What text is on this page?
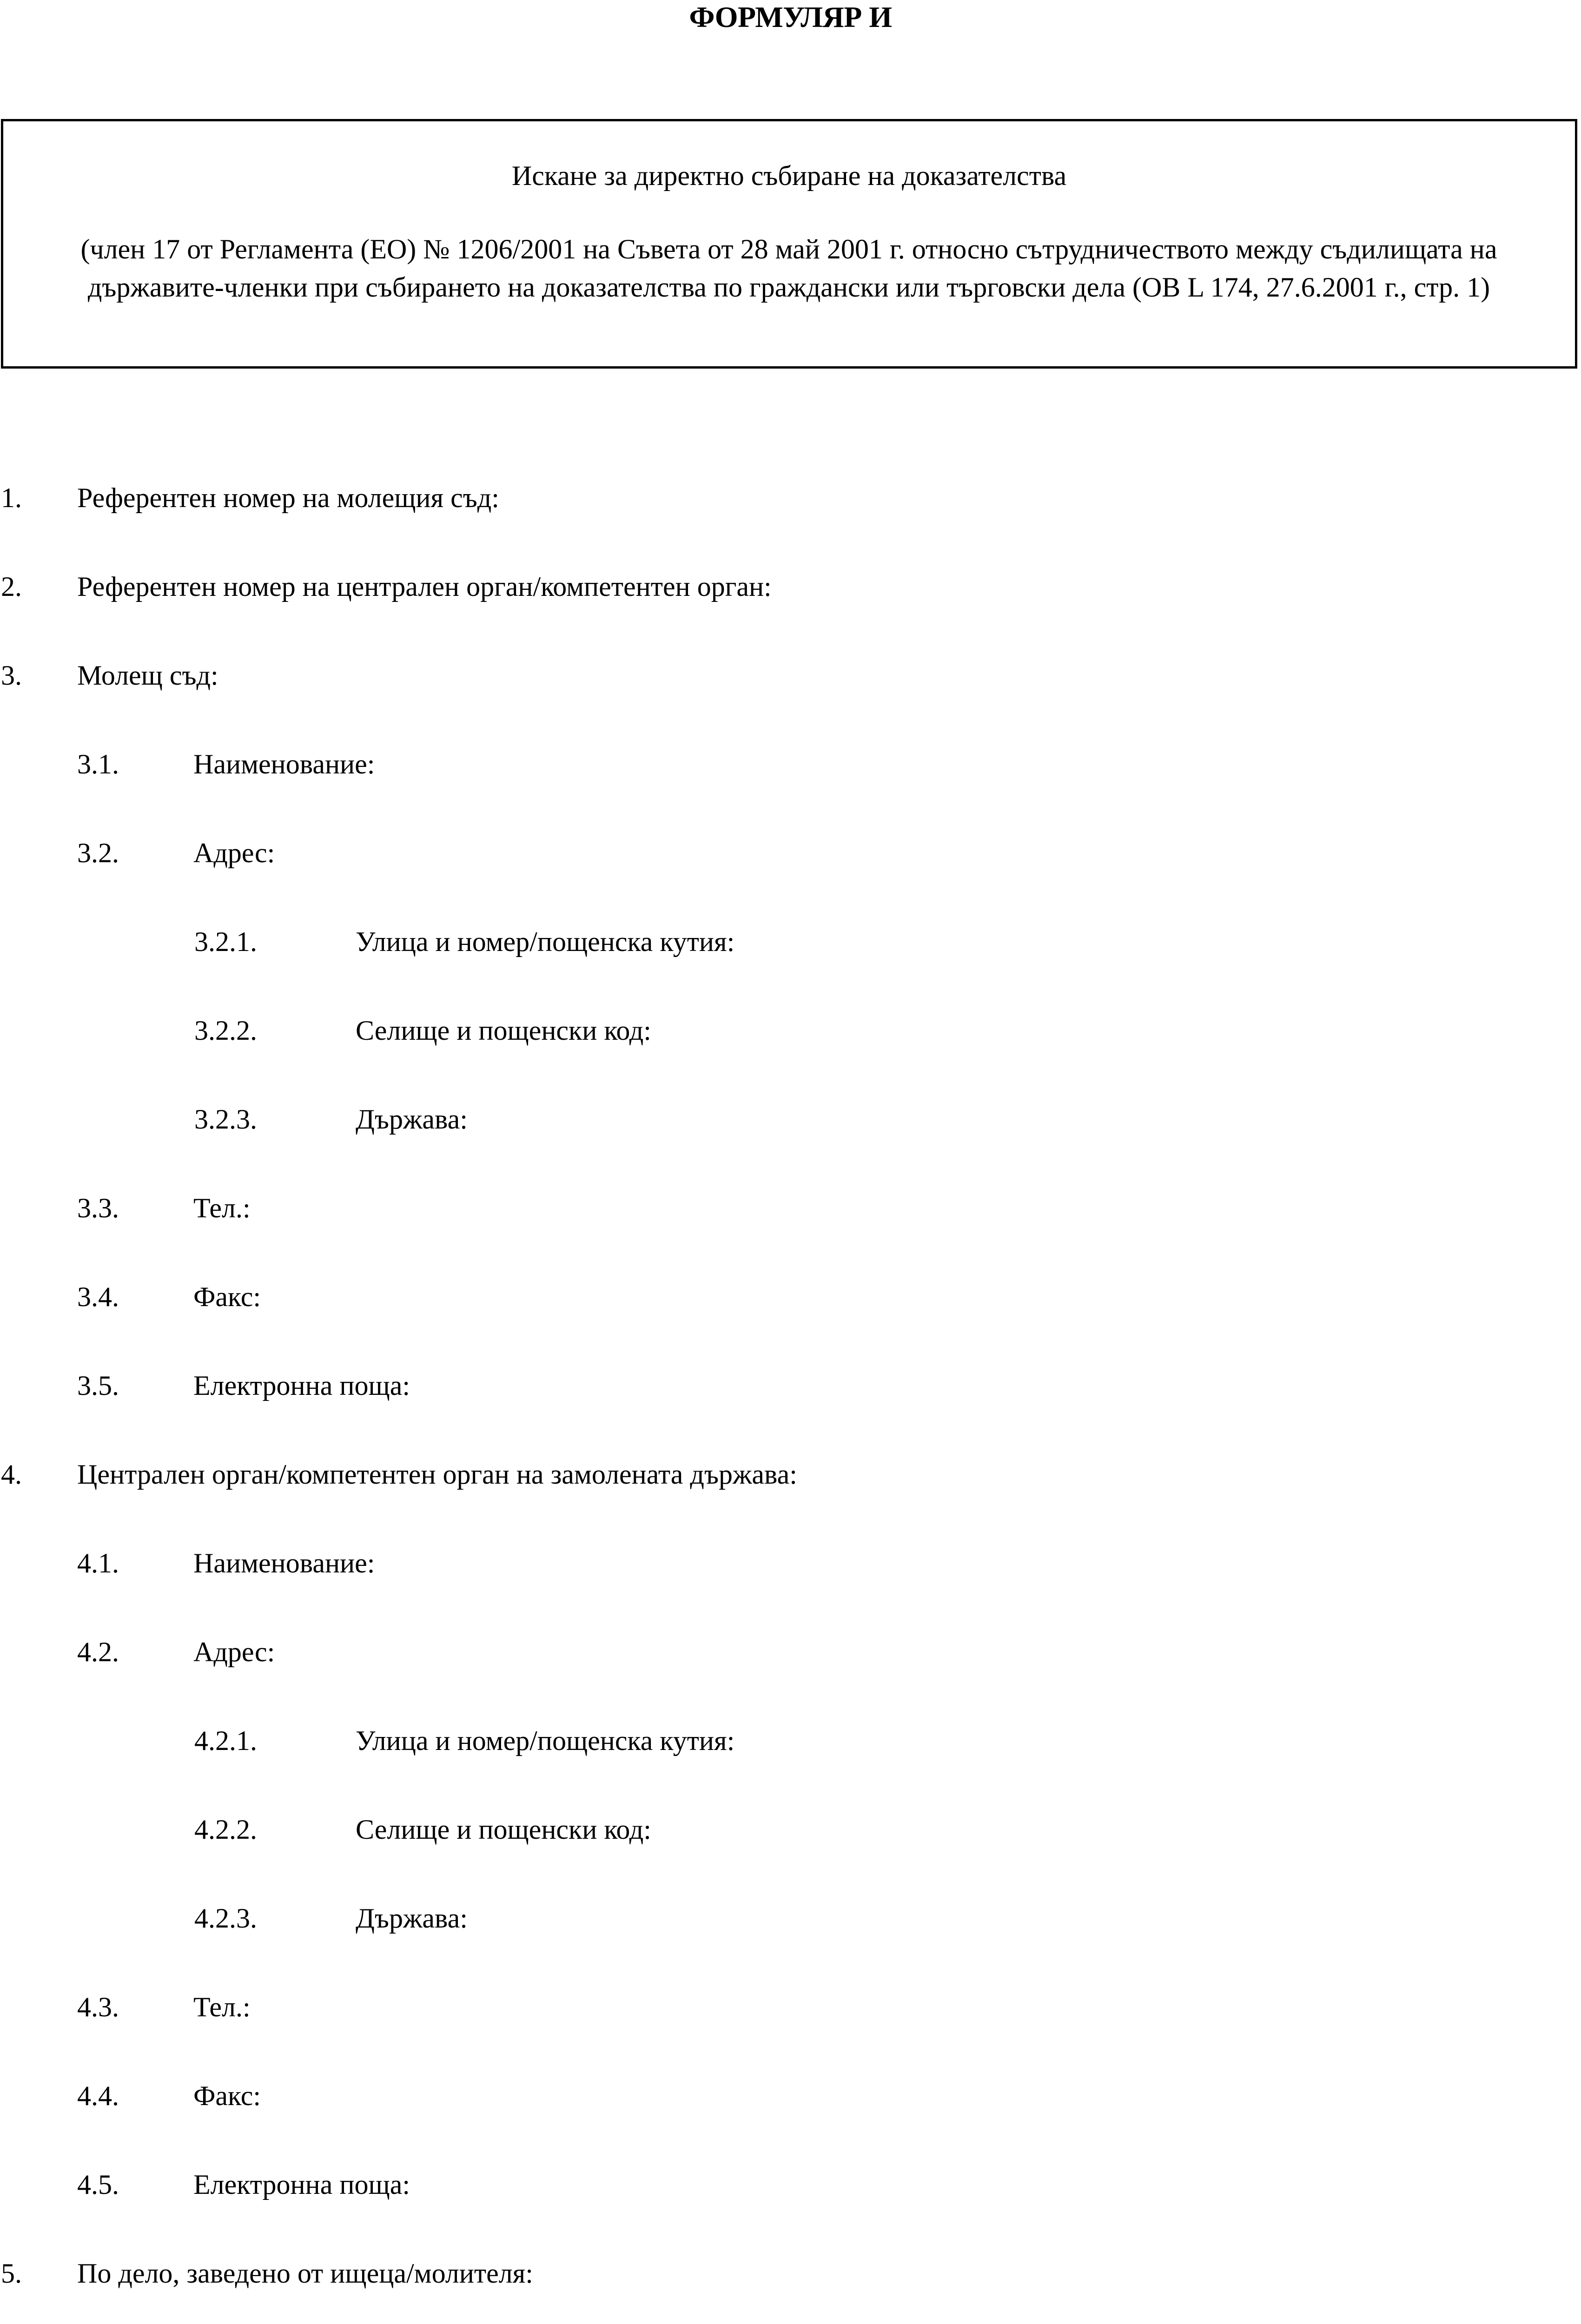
ФОРМУЛЯР И
Искане за директно събиране на доказателства
(член 17 от Регламента (ЕО) № 1206/2001 на Съвета от 28 май 2001 г. относно сътрудничеството между съдилищата на държавите-членки при събирането на доказателства по граждански или търговски дела (ОВ L 174, 27.6.2001 г., стр. 1)
1. Референтен номер на молещия съд:
2. Референтен номер на централен орган/компетентен орган:
3. Молещ съд:
3.1.	Наименование:
3.2.	Адрес:
3.2.1.	Улица и номер/пощенска кутия:
3.2.2.	Селище и пощенски код:
3.2.3.	Държава:
3.3.	Тел.:
3.4.	Факс:
3.5.	Електронна поща:
4. Централен орган/компетентен орган на замолената държава:
4.1.	Наименование:
4.2.	Адрес:
4.2.1.	Улица и номер/пощенска кутия:
4.2.2.	Селище и пощенски код:
4.2.3.	Държава:
4.3.	Тел.:
4.4.	Факс:
4.5.	Електронна поща:
5. По дело, заведено от ищеца/молителя:
